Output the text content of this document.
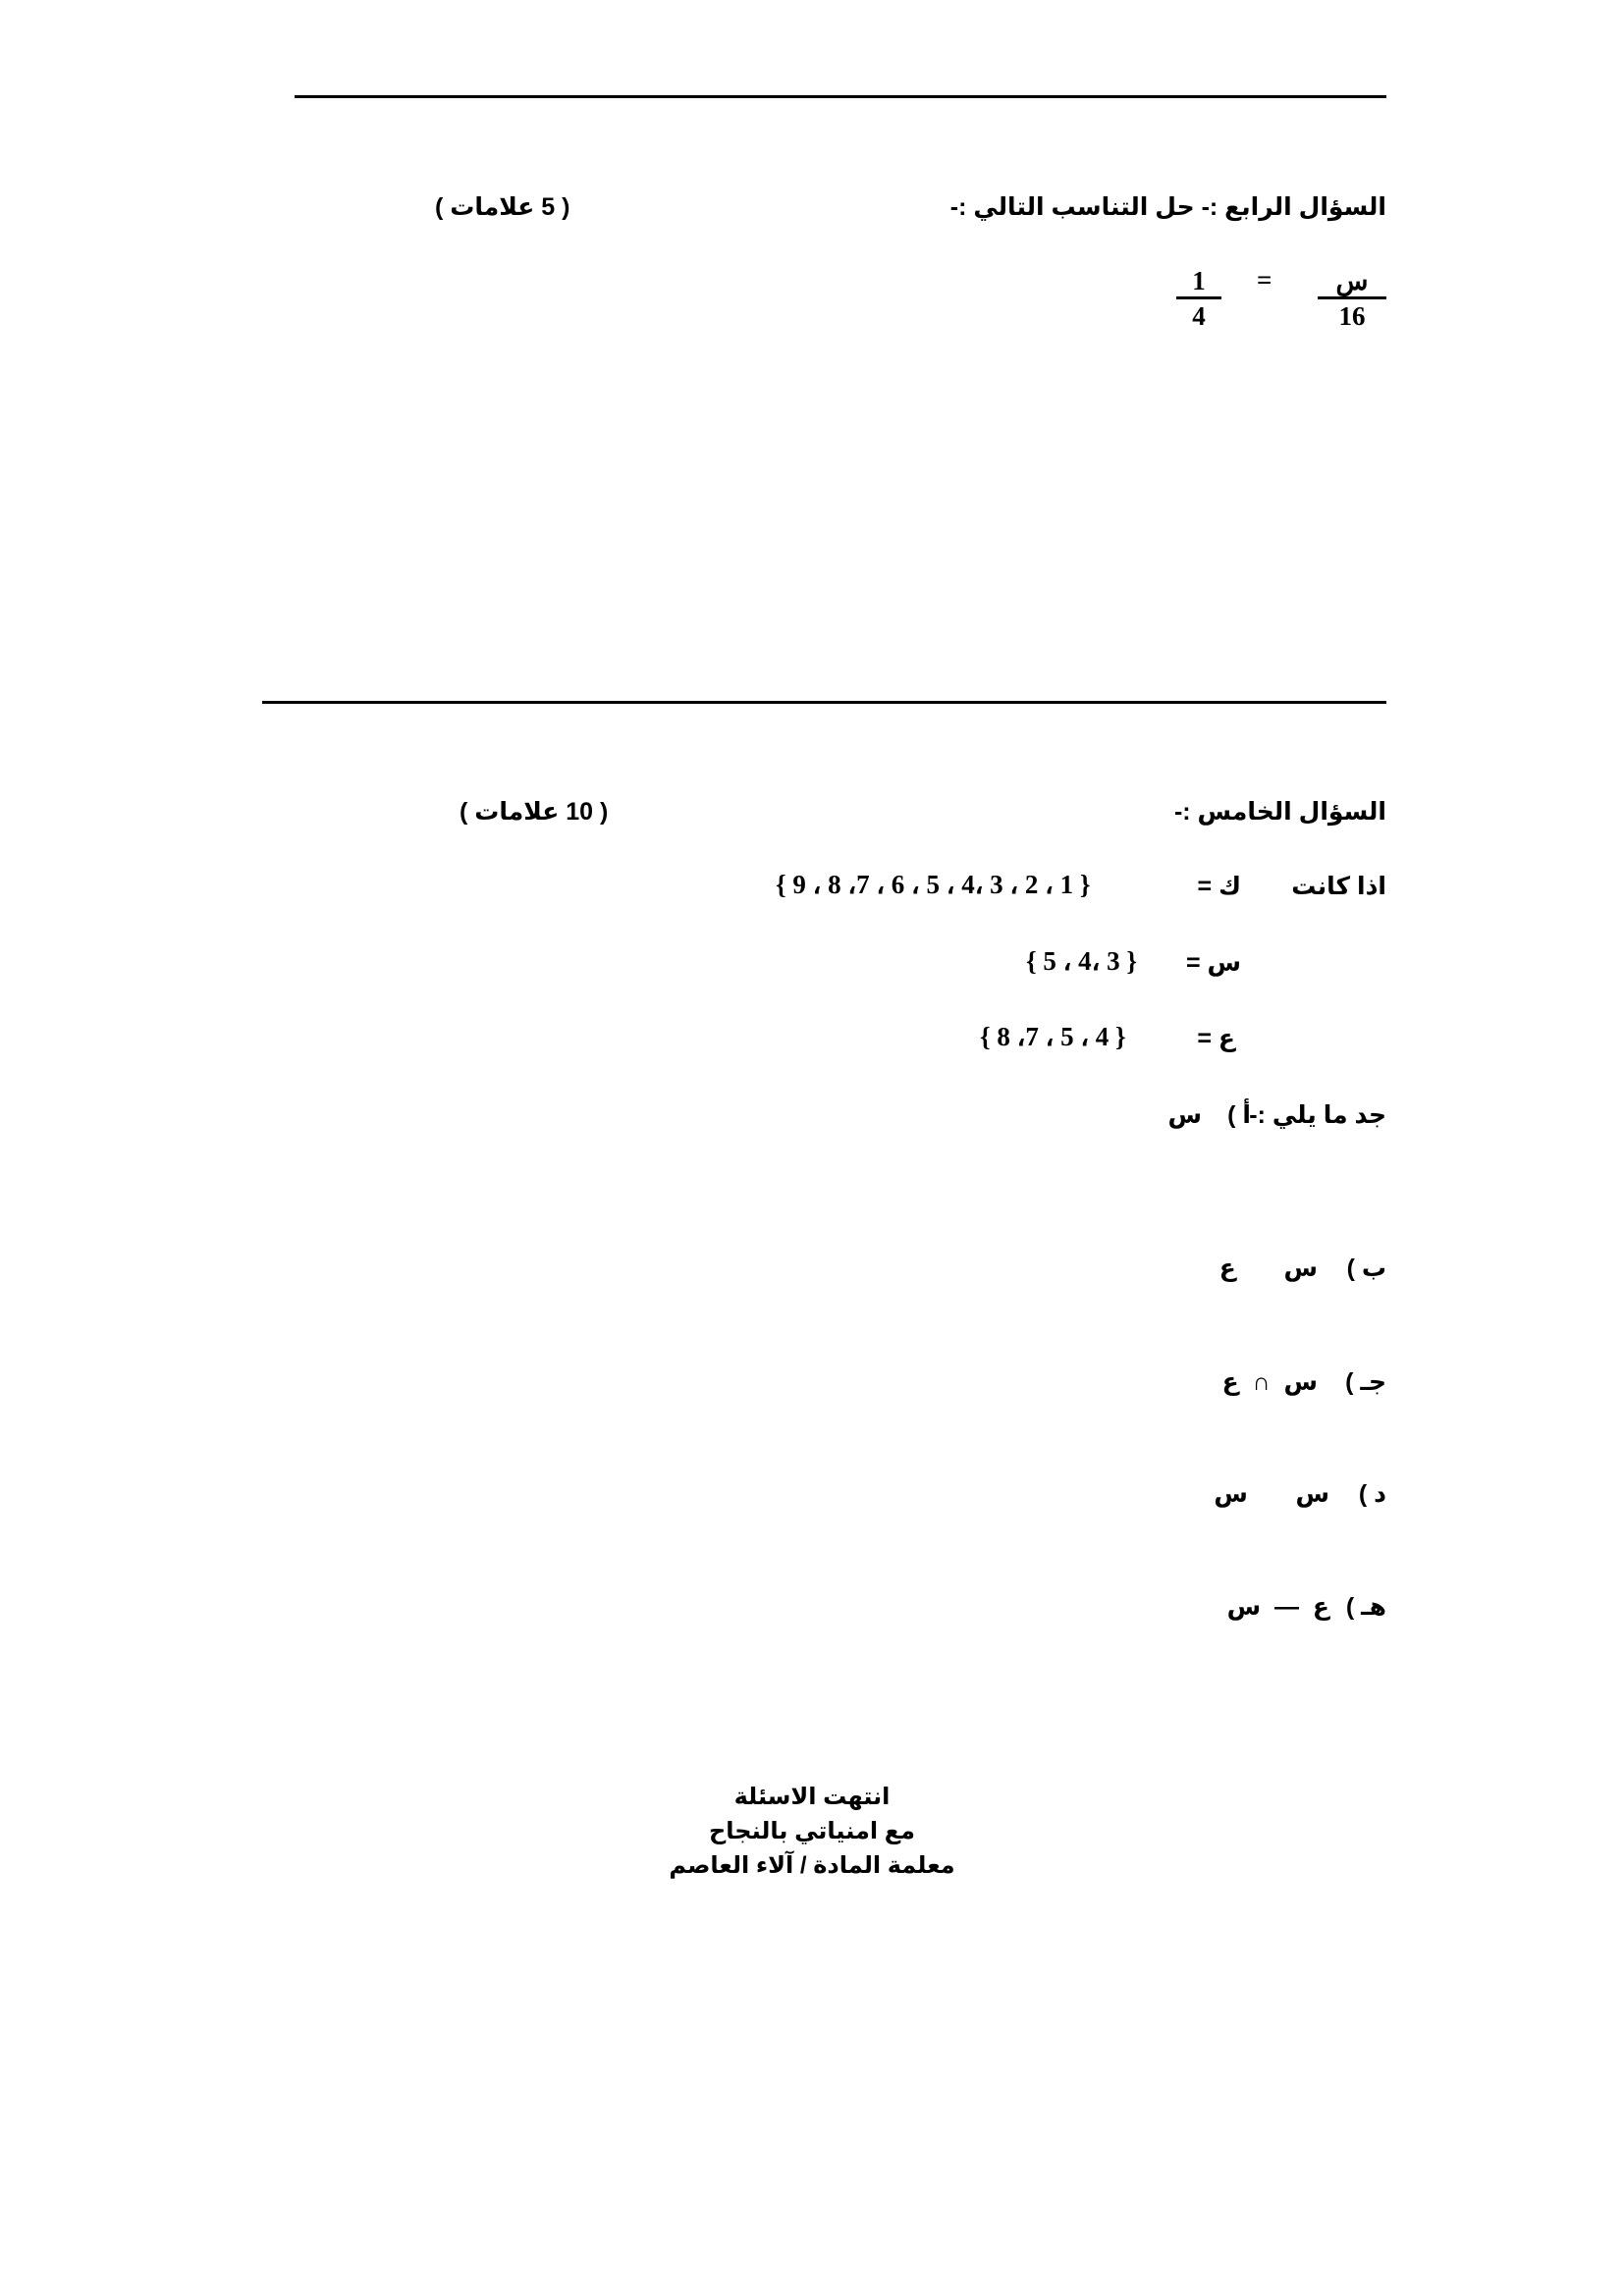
السؤال الرابع :- حل التناسب التالي :-
( 5 علامات )
س
16
=
1
4
السؤال الخامس :-
( 10 علامات )
اذا كانت
ك =
{ 9 ، 8 ،7 ، 6 ، 5 ، 4، 3 ، 2 ، 1 }
س =
{ 5 ، 4، 3 }
ع =
{ 8 ،7 ، 5 ، 4 }
جد ما يلي :-
أ )
س
ب )
س       ع
جـ )
س  ∩  ع
د )
س       س
هـ )
ع  —  س
انتهت الاسئلة
مع امنياتي بالنجاح
معلمة المادة / آلاء العاصم
